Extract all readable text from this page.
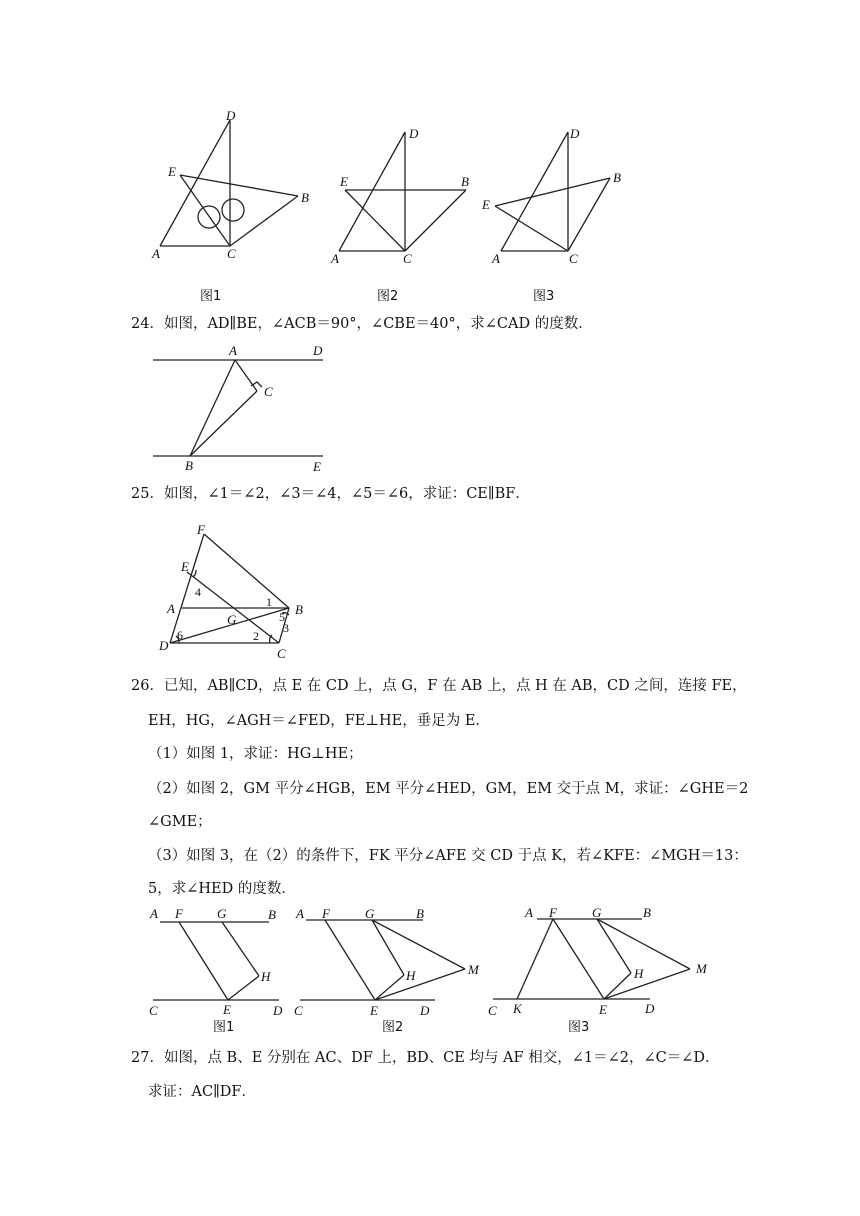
D
E
B
A	C
图1
D
E	B
A	C
图2
D
E
B
A	C
图3
24．如图，AD∥BE，∠ACB＝90°，∠CBE＝40°，求∠CAD 的度数．
A	D
C
B	E
25．如图，∠1＝∠2，∠3＝∠4，∠5＝∠6，求证：CE∥BF．
E
F
A
G
B
D
C
4
1
5
3
2
6
26．已知，AB∥CD，点 E 在 CD 上，点 G，F 在 AB 上，点 H 在 AB，CD 之间，连接 FE，
EH，HG，∠AGH＝∠FED，FE⊥HE，垂足为 E．
（1）如图 1，求证：HG⊥HE；
（2）如图 2，GM 平分∠HGB，EM 平分∠HED，GM，EM 交于点 M，求证：∠GHE＝2
∠GME；
（3）如图 3，在（2）的条件下，FK 平分∠AFE 交 CD 于点 K，若∠KFE：∠MGH＝13：
5，求∠HED 的度数．
A F	G	B
H
C	E	D
图1
A F	G	B
H	M
C	E	D
图2
A F	G	B
H	M
C K	E	D
图3
27．如图，点 B、E 分别在 AC、DF 上，BD、CE 均与 AF 相交，∠1＝∠2，∠C＝∠D．
求证：AC∥DF．
